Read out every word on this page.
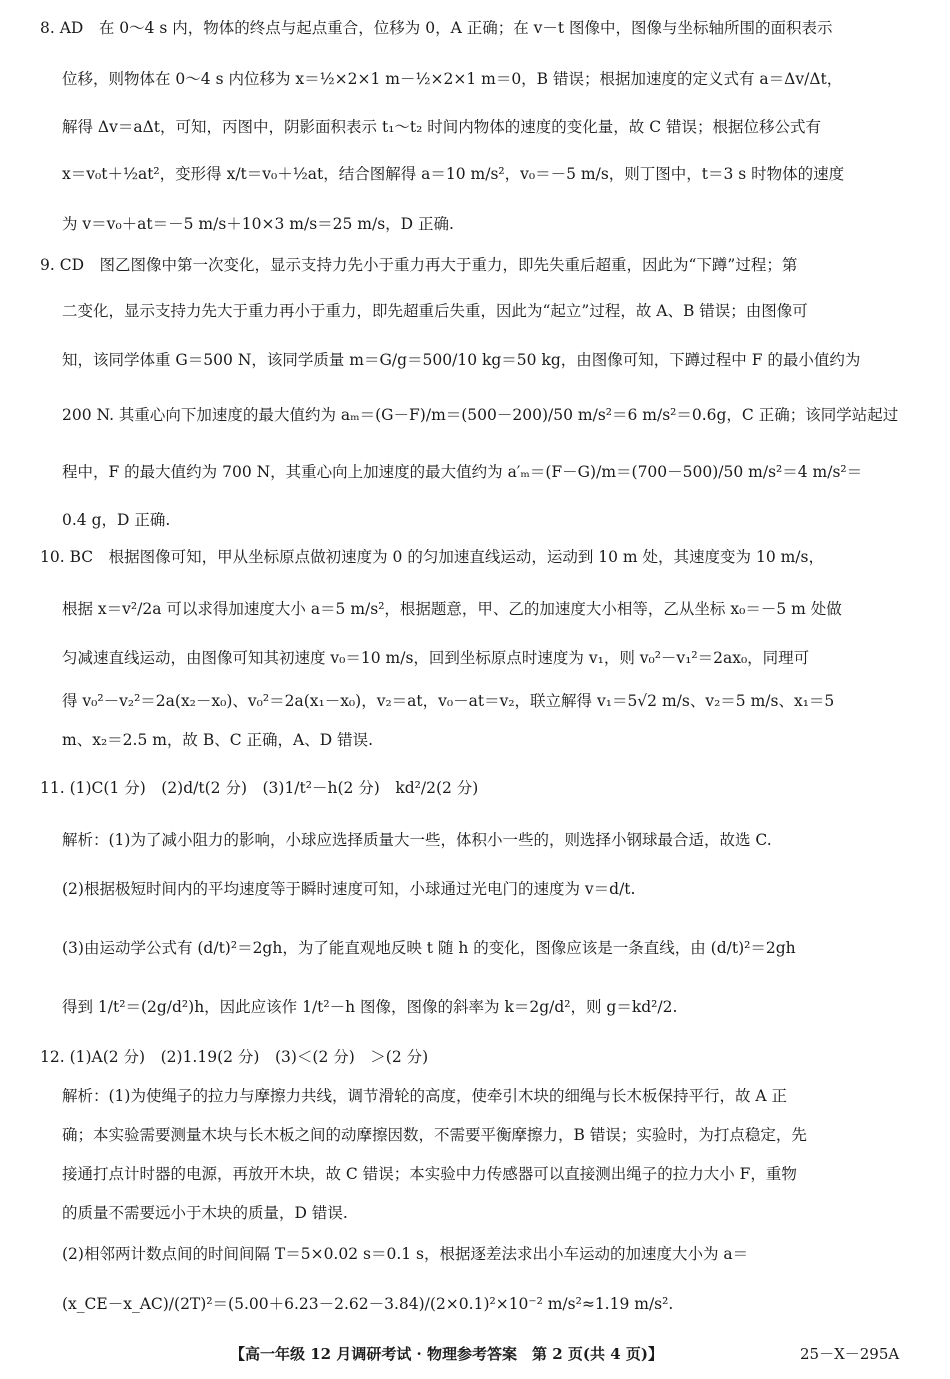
8. AD　在 0～4 s 内，物体的终点与起点重合，位移为 0，A 正确；在 v－t 图像中，图像与坐标轴所围的面积表示
位移，则物体在 0～4 s 内位移为 x＝½×2×1 m－½×2×1 m＝0，B 错误；根据加速度的定义式有 a＝Δv/Δt，
解得 Δv＝aΔt，可知，丙图中，阴影面积表示 t₁～t₂ 时间内物体的速度的变化量，故 C 错误；根据位移公式有
x＝v₀t＋½at²，变形得 x/t＝v₀＋½at，结合图解得 a＝10 m/s²，v₀＝－5 m/s，则丁图中，t＝3 s 时物体的速度
为 v＝v₀＋at＝－5 m/s＋10×3 m/s＝25 m/s，D 正确.
9. CD　图乙图像中第一次变化，显示支持力先小于重力再大于重力，即先失重后超重，因此为“下蹲”过程；第
二变化，显示支持力先大于重力再小于重力，即先超重后失重，因此为“起立”过程，故 A、B 错误；由图像可
知，该同学体重 G＝500 N，该同学质量 m＝G/g＝500/10 kg＝50 kg，由图像可知，下蹲过程中 F 的最小值约为
200 N. 其重心向下加速度的最大值约为 aₘ＝(G－F)/m＝(500－200)/50 m/s²＝6 m/s²＝0.6g，C 正确；该同学站起过
程中，F 的最大值约为 700 N，其重心向上加速度的最大值约为 a′ₘ＝(F－G)/m＝(700－500)/50 m/s²＝4 m/s²＝
0.4 g，D 正确.
10. BC　根据图像可知，甲从坐标原点做初速度为 0 的匀加速直线运动，运动到 10 m 处，其速度变为 10 m/s，
根据 x＝v²/2a 可以求得加速度大小 a＝5 m/s²，根据题意，甲、乙的加速度大小相等，乙从坐标 x₀＝－5 m 处做
匀减速直线运动，由图像可知其初速度 v₀＝10 m/s，回到坐标原点时速度为 v₁，则 v₀²－v₁²＝2ax₀，同理可
得 v₀²－v₂²＝2a(x₂－x₀)、v₀²＝2a(x₁－x₀)，v₂＝at，v₀－at＝v₂，联立解得 v₁＝5√2 m/s、v₂＝5 m/s、x₁＝5
m、x₂＝2.5 m，故 B、C 正确，A、D 错误.
11. (1)C(1 分)　(2)d/t(2 分)　(3)1/t²－h(2 分)　kd²/2(2 分)
解析：(1)为了减小阻力的影响，小球应选择质量大一些，体积小一些的，则选择小钢球最合适，故选 C.
(2)根据极短时间内的平均速度等于瞬时速度可知，小球通过光电门的速度为 v＝d/t.
(3)由运动学公式有 (d/t)²＝2gh，为了能直观地反映 t 随 h 的变化，图像应该是一条直线，由 (d/t)²＝2gh
得到 1/t²＝(2g/d²)h，因此应该作 1/t²－h 图像，图像的斜率为 k＝2g/d²，则 g＝kd²/2.
12. (1)A(2 分)　(2)1.19(2 分)　(3)＜(2 分)　＞(2 分)
解析：(1)为使绳子的拉力与摩擦力共线，调节滑轮的高度，使牵引木块的细绳与长木板保持平行，故 A 正
确；本实验需要测量木块与长木板之间的动摩擦因数，不需要平衡摩擦力，B 错误；实验时，为打点稳定，先
接通打点计时器的电源，再放开木块，故 C 错误；本实验中力传感器可以直接测出绳子的拉力大小 F，重物
的质量不需要远小于木块的质量，D 错误.
(2)相邻两计数点间的时间间隔 T＝5×0.02 s＝0.1 s，根据逐差法求出小车运动的加速度大小为 a＝
(x_CE－x_AC)/(2T)²＝(5.00＋6.23－2.62－3.84)/(2×0.1)²×10⁻² m/s²≈1.19 m/s².
【高一年级 12 月调研考试 · 物理参考答案　第 2 页(共 4 页)】	25－X－295A
